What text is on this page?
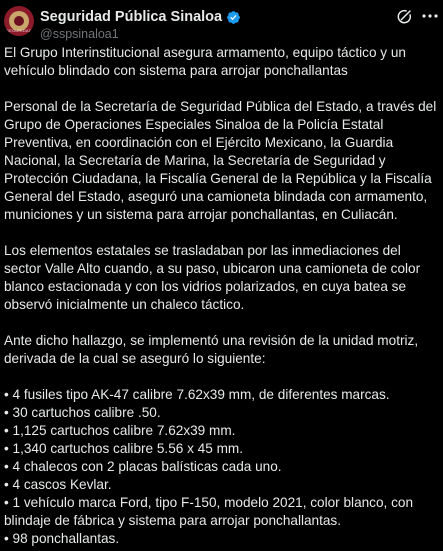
SEGURIDAD
Seguridad Pública Sinaloa
@sspsinaloa1

El Grupo Interinstitucional asegura armamento, equipo táctico y un vehículo blindado con sistema para arrojar ponchallantas

Personal de la Secretaría de Seguridad Pública del Estado, a través del Grupo de Operaciones Especiales Sinaloa de la Policía Estatal Preventiva, en coordinación con el Ejército Mexicano, la Guardia Nacional, la Secretaría de Marina, la Secretaría de Seguridad y Protección Ciudadana, la Fiscalía General de la República y la Fiscalía General del Estado, aseguró una camioneta blindada con armamento, municiones y un sistema para arrojar ponchallantas, en Culiacán.

Los elementos estatales se trasladaban por las inmediaciones del sector Valle Alto cuando, a su paso, ubicaron una camioneta de color blanco estacionada y con los vidrios polarizados, en cuya batea se observó inicialmente un chaleco táctico.

Ante dicho hallazgo, se implementó una revisión de la unidad motriz, derivada de la cual se aseguró lo siguiente:

• 4 fusiles tipo AK-47 calibre 7.62x39 mm, de diferentes marcas.
• 30 cartuchos calibre .50.
• 1,125 cartuchos calibre 7.62x39 mm.
• 1,340 cartuchos calibre 5.56 x 45 mm.
• 4 chalecos con 2 placas balísticas cada uno.
• 4 cascos Kevlar.
• 1 vehículo marca Ford, tipo F-150, modelo 2021, color blanco, con blindaje de fábrica y sistema para arrojar ponchallantas.
• 98 ponchallantas.
